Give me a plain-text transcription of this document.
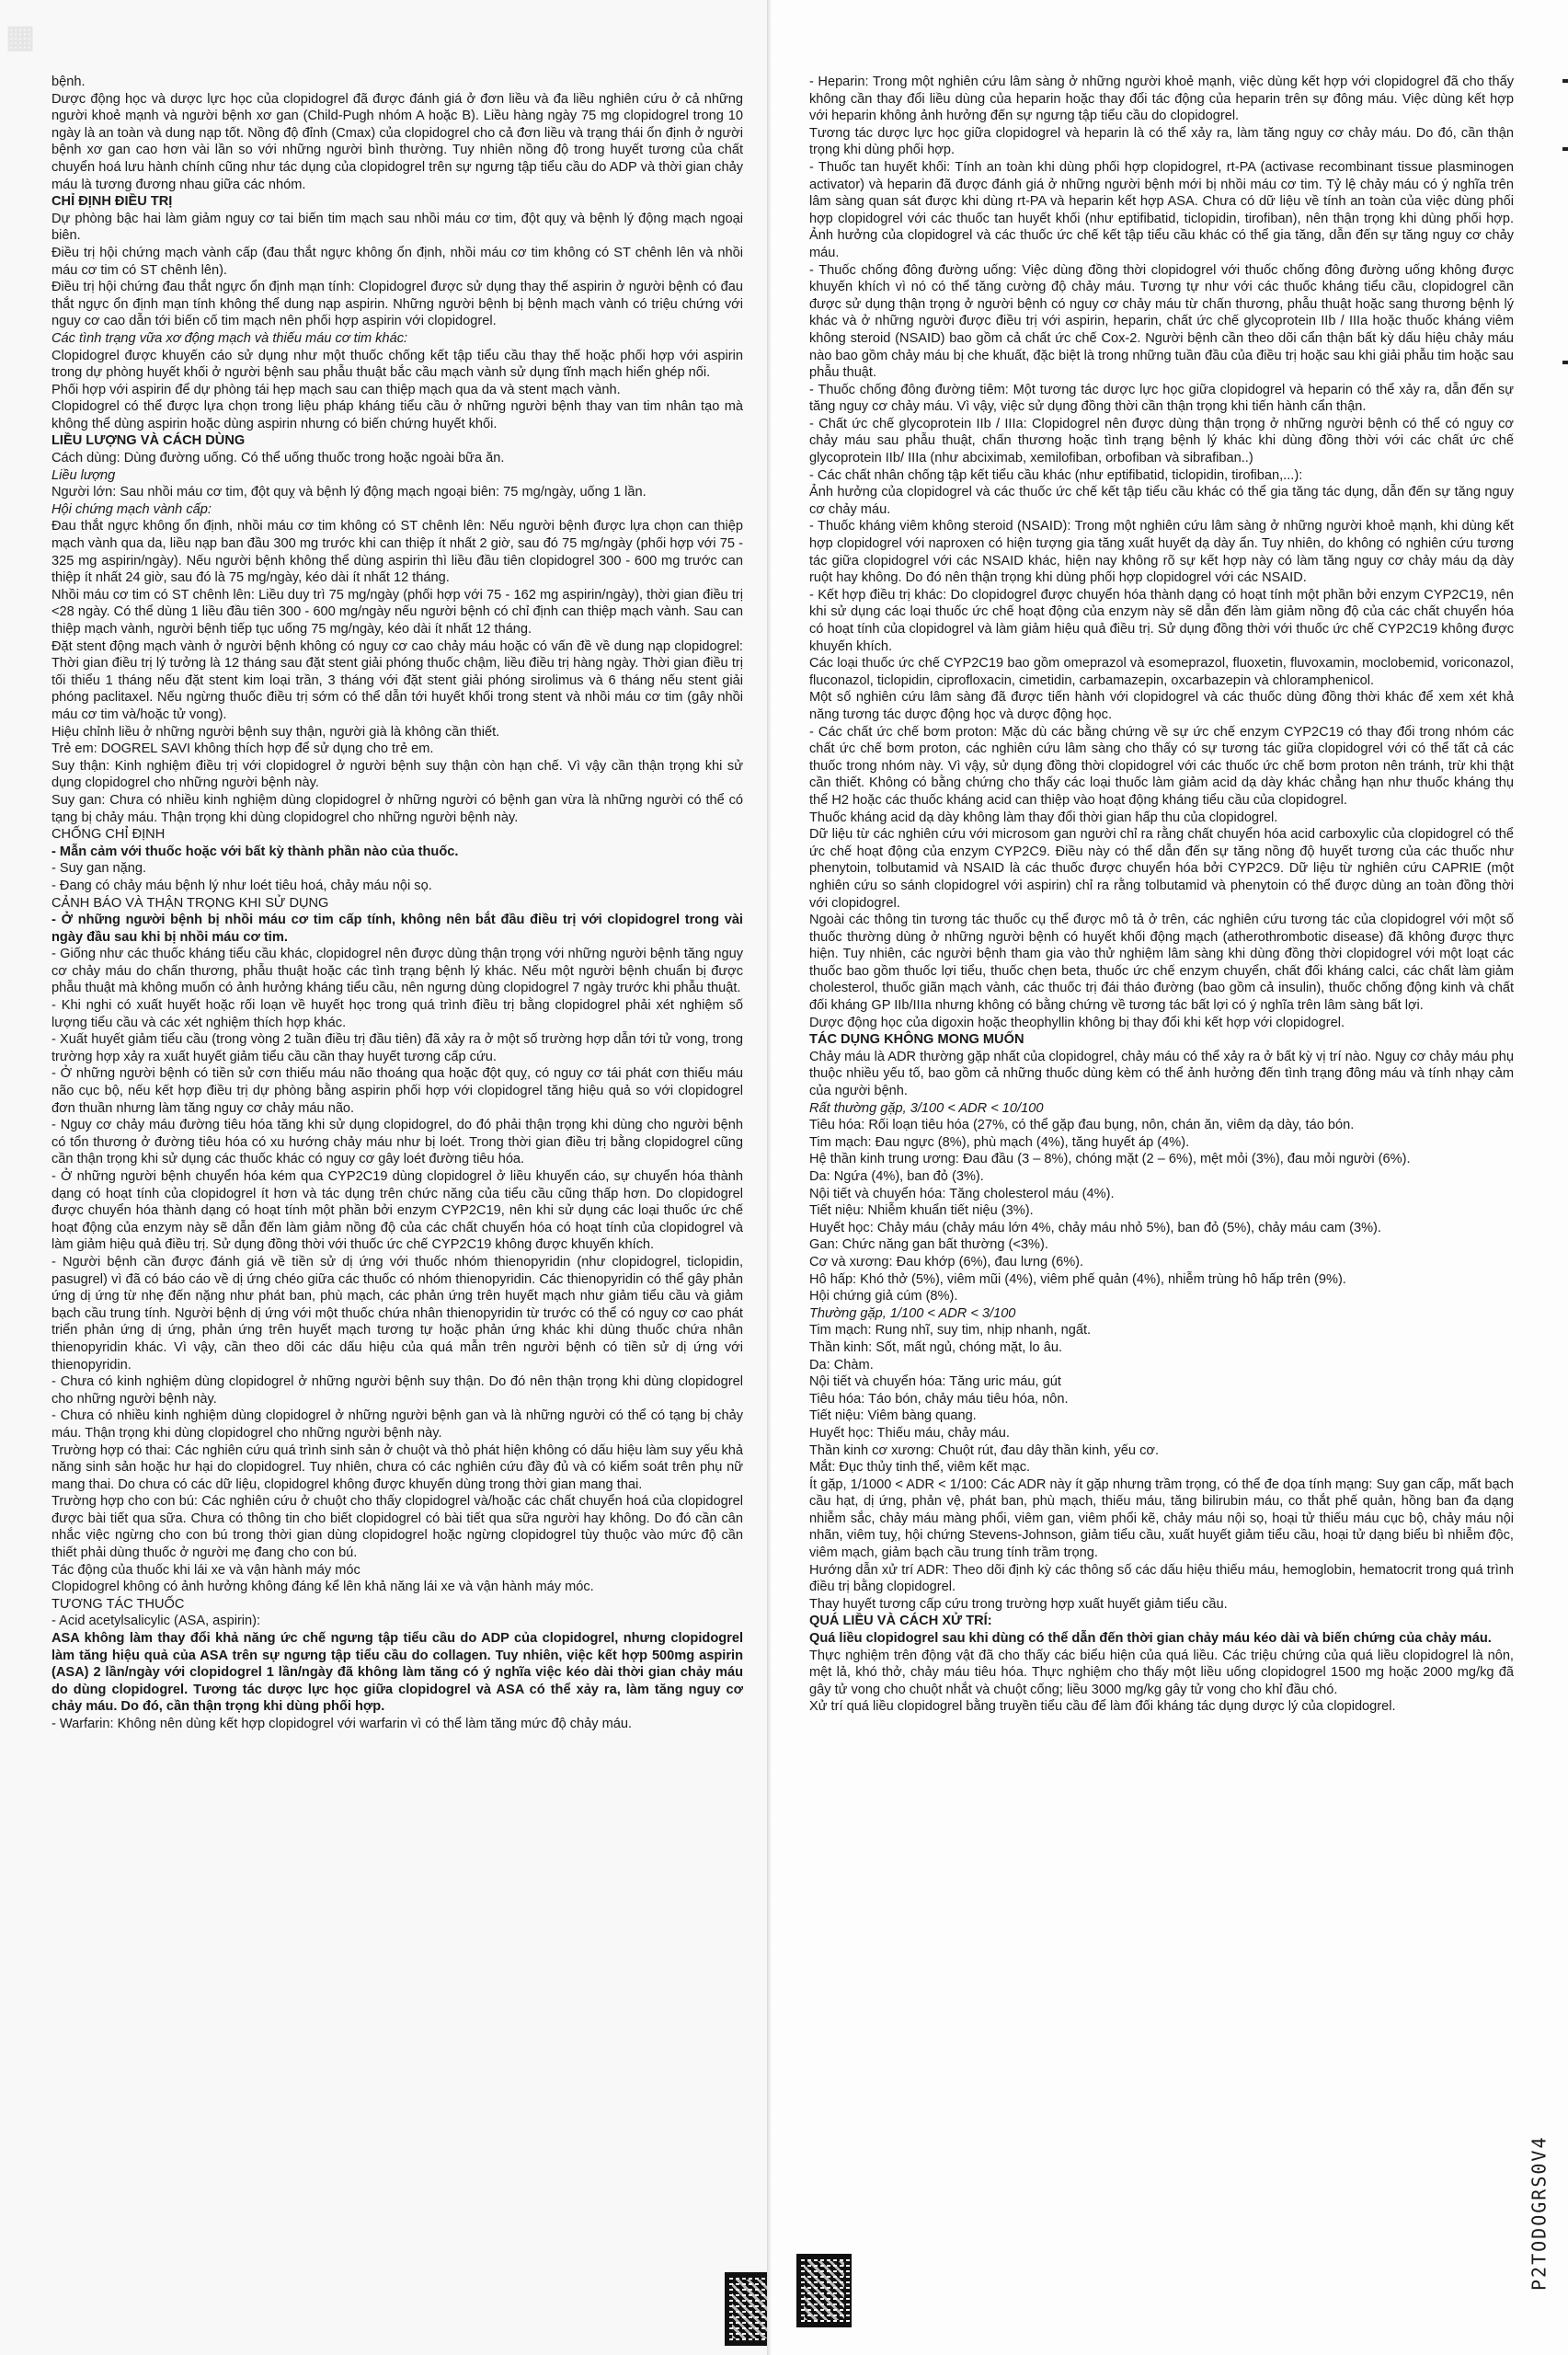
▦

bệnh.

Dược động học và dược lực học của clopidogrel đã được đánh giá ở đơn liều và đa liều nghiên cứu ở cả những người khoẻ mạnh và người bệnh xơ gan (Child-Pugh nhóm A hoặc B). Liều hàng ngày 75 mg clopidogrel trong 10 ngày là an toàn và dung nạp tốt. Nồng độ đỉnh (Cmax) của clopidogrel cho cả đơn liều và trạng thái ổn định ở người bệnh xơ gan cao hơn vài lần so với những người bình thường. Tuy nhiên nồng độ trong huyết tương của chất chuyển hoá lưu hành chính cũng như tác dụng của clopidogrel trên sự ngưng tập tiểu cầu do ADP và thời gian chảy máu là tương đương nhau giữa các nhóm.

CHỈ ĐỊNH ĐIỀU TRỊ

Dự phòng bậc hai làm giảm nguy cơ tai biến tim mạch sau nhồi máu cơ tim, đột quỵ và bệnh lý động mạch ngoại biên.

Điều trị hội chứng mạch vành cấp (đau thắt ngực không ổn định, nhồi máu cơ tim không có ST chênh lên và nhồi máu cơ tim có ST chênh lên).

Điều trị hội chứng đau thắt ngực ổn định mạn tính: Clopidogrel được sử dụng thay thế aspirin ở người bệnh có đau thắt ngực ổn định mạn tính không thể dung nạp aspirin. Những người bệnh bị bệnh mạch vành có triệu chứng với nguy cơ cao dẫn tới biến cố tim mạch nên phối hợp aspirin với clopidogrel.

Các tình trạng vữa xơ động mạch và thiếu máu cơ tim khác:

Clopidogrel được khuyến cáo sử dụng như một thuốc chống kết tập tiểu cầu thay thế hoặc phối hợp với aspirin trong dự phòng huyết khối ở người bệnh sau phẫu thuật bắc cầu mạch vành sử dụng tĩnh mạch hiển ghép nối.

Phối hợp với aspirin để dự phòng tái hẹp mạch sau can thiệp mạch qua da và stent mạch vành.

Clopidogrel có thể được lựa chọn trong liệu pháp kháng tiểu cầu ở những người bệnh thay van tim nhân tạo mà không thể dùng aspirin hoặc dùng aspirin nhưng có biến chứng huyết khối.

LIỀU LƯỢNG VÀ CÁCH DÙNG

Cách dùng: Dùng đường uống. Có thể uống thuốc trong hoặc ngoài bữa ăn.

Liều lượng

Người lớn: Sau nhồi máu cơ tim, đột quỵ và bệnh lý động mạch ngoại biên: 75 mg/ngày, uống 1 lần.

Hội chứng mạch vành cấp:

Đau thắt ngực không ổn định, nhồi máu cơ tim không có ST chênh lên: Nếu người bệnh được lựa chọn can thiệp mạch vành qua da, liều nạp ban đầu 300 mg trước khi can thiệp ít nhất 2 giờ, sau đó 75 mg/ngày (phối hợp với 75 - 325 mg aspirin/ngày). Nếu người bệnh không thể dùng aspirin thì liều đầu tiên clopidogrel 300 - 600 mg trước can thiệp ít nhất 24 giờ, sau đó là 75 mg/ngày, kéo dài ít nhất 12 tháng.

Nhồi máu cơ tim có ST chênh lên: Liều duy trì 75 mg/ngày (phối hợp với 75 - 162 mg aspirin/ngày), thời gian điều trị <28 ngày. Có thể dùng 1 liều đầu tiên 300 - 600 mg/ngày nếu người bệnh có chỉ định can thiệp mạch vành. Sau can thiệp mạch vành, người bệnh tiếp tục uống 75 mg/ngày, kéo dài ít nhất 12 tháng.

Đặt stent động mạch vành ở người bệnh không có nguy cơ cao chảy máu hoặc có vấn đề về dung nạp clopidogrel: Thời gian điều trị lý tưởng là 12 tháng sau đặt stent giải phóng thuốc chậm, liều điều trị hàng ngày. Thời gian điều trị tối thiểu 1 tháng nếu đặt stent kim loại trần, 3 tháng với đặt stent giải phóng sirolimus và 6 tháng nếu stent giải phóng paclitaxel. Nếu ngừng thuốc điều trị sớm có thể dẫn tới huyết khối trong stent và nhồi máu cơ tim (gây nhồi máu cơ tim và/hoặc tử vong).

Hiệu chỉnh liều ở những người bệnh suy thận, người già là không cần thiết.

Trẻ em: DOGREL SAVI không thích hợp để sử dụng cho trẻ em.

Suy thận: Kinh nghiệm điều trị với clopidogrel ở người bệnh suy thận còn hạn chế. Vì vậy cần thận trọng khi sử dụng clopidogrel cho những người bệnh này.

Suy gan: Chưa có nhiều kinh nghiệm dùng clopidogrel ở những người có bệnh gan vừa là những người có thể có tạng bị chảy máu. Thận trọng khi dùng clopidogrel cho những người bệnh này.

CHỐNG CHỈ ĐỊNH

- Mẫn cảm với thuốc hoặc với bất kỳ thành phần nào của thuốc.

- Suy gan nặng.

- Đang có chảy máu bệnh lý như loét tiêu hoá, chảy máu nội sọ.

CẢNH BÁO VÀ THẬN TRỌNG KHI SỬ DỤNG

- Ở những người bệnh bị nhồi máu cơ tim cấp tính, không nên bắt đầu điều trị với clopidogrel trong vài ngày đầu sau khi bị nhồi máu cơ tim.

- Giống như các thuốc kháng tiểu cầu khác, clopidogrel nên được dùng thận trọng với những người bệnh tăng nguy cơ chảy máu do chấn thương, phẫu thuật hoặc các tình trạng bệnh lý khác. Nếu một người bệnh chuẩn bị được phẫu thuật mà không muốn có ảnh hưởng kháng tiểu cầu, nên ngưng dùng clopidogrel 7 ngày trước khi phẫu thuật.

- Khi nghi có xuất huyết hoặc rối loạn về huyết học trong quá trình điều trị bằng clopidogrel phải xét nghiệm số lượng tiểu cầu và các xét nghiệm thích hợp khác.

- Xuất huyết giảm tiểu cầu (trong vòng 2 tuần điều trị đầu tiên) đã xảy ra ở một số trường hợp dẫn tới tử vong, trong trường hợp xảy ra xuất huyết giảm tiểu cầu cần thay huyết tương cấp cứu.

- Ở những người bệnh có tiền sử cơn thiếu máu não thoáng qua hoặc đột quỵ, có nguy cơ tái phát cơn thiếu máu não cục bộ, nếu kết hợp điều trị dự phòng bằng aspirin phối hợp với clopidogrel tăng hiệu quả so với clopidogrel đơn thuần nhưng làm tăng nguy cơ chảy máu não.

- Nguy cơ chảy máu đường tiêu hóa tăng khi sử dụng clopidogrel, do đó phải thận trọng khi dùng cho người bệnh có tổn thương ở đường tiêu hóa có xu hướng chảy máu như bị loét. Trong thời gian điều trị bằng clopidogrel cũng cần thận trọng khi sử dụng các thuốc khác có nguy cơ gây loét đường tiêu hóa.

- Ở những người bệnh chuyển hóa kém qua CYP2C19 dùng clopidogrel ở liều khuyến cáo, sự chuyển hóa thành dạng có hoạt tính của clopidogrel ít hơn và tác dụng trên chức năng của tiểu cầu cũng thấp hơn. Do clopidogrel được chuyển hóa thành dạng có hoạt tính một phần bởi enzym CYP2C19, nên khi sử dụng các loại thuốc ức chế hoạt động của enzym này sẽ dẫn đến làm giảm nồng độ của các chất chuyển hóa có hoạt tính của clopidogrel và làm giảm hiệu quả điều trị. Sử dụng đồng thời với thuốc ức chế CYP2C19 không được khuyến khích.

- Người bệnh cần được đánh giá về tiền sử dị ứng với thuốc nhóm thienopyridin (như clopidogrel, ticlopidin, pasugrel) vì đã có báo cáo về dị ứng chéo giữa các thuốc có nhóm thienopyridin. Các thienopyridin có thể gây phản ứng dị ứng từ nhẹ đến nặng như phát ban, phù mạch, các phản ứng trên huyết mạch như giảm tiểu cầu và giảm bạch cầu trung tính. Người bệnh dị ứng với một thuốc chứa nhân thienopyridin từ trước có thể có nguy cơ cao phát triển phản ứng dị ứng, phản ứng trên huyết mạch tương tự hoặc phản ứng khác khi dùng thuốc chứa nhân thienopyridin khác. Vì vậy, cần theo dõi các dấu hiệu của quá mẫn trên người bệnh có tiền sử dị ứng với thienopyridin.

- Chưa có kinh nghiệm dùng clopidogrel ở những người bệnh suy thận. Do đó nên thận trọng khi dùng clopidogrel cho những người bệnh này.

- Chưa có nhiều kinh nghiệm dùng clopidogrel ở những người bệnh gan và là những người có thể có tạng bị chảy máu. Thận trọng khi dùng clopidogrel cho những người bệnh này.

Trường hợp có thai: Các nghiên cứu quá trình sinh sản ở chuột và thỏ phát hiện không có dấu hiệu làm suy yếu khả năng sinh sản hoặc hư hại do clopidogrel. Tuy nhiên, chưa có các nghiên cứu đầy đủ và có kiểm soát trên phụ nữ mang thai. Do chưa có các dữ liệu, clopidogrel không được khuyến dùng trong thời gian mang thai.

Trường hợp cho con bú: Các nghiên cứu ở chuột cho thấy clopidogrel và/hoặc các chất chuyển hoá của clopidogrel được bài tiết qua sữa. Chưa có thông tin cho biết clopidogrel có bài tiết qua sữa người hay không. Do đó cần cân nhắc việc ngừng cho con bú trong thời gian dùng clopidogrel hoặc ngừng clopidogrel tùy thuộc vào mức độ cần thiết phải dùng thuốc ở người mẹ đang cho con bú.

Tác động của thuốc khi lái xe và vận hành máy móc

Clopidogrel không có ảnh hưởng không đáng kể lên khả năng lái xe và vận hành máy móc.

TƯƠNG TÁC THUỐC

- Acid acetylsalicylic (ASA, aspirin):

ASA không làm thay đổi khả năng ức chế ngưng tập tiểu cầu do ADP của clopidogrel, nhưng clopidogrel làm tăng hiệu quả của ASA trên sự ngưng tập tiểu cầu do collagen. Tuy nhiên, việc kết hợp 500mg aspirin (ASA) 2 lần/ngày với clopidogrel 1 lần/ngày đã không làm tăng có ý nghĩa việc kéo dài thời gian chảy máu do dùng clopidogrel. Tương tác dược lực học giữa clopidogrel và ASA có thể xảy ra, làm tăng nguy cơ chảy máu. Do đó, cần thận trọng khi dùng phối hợp.

- Warfarin: Không nên dùng kết hợp clopidogrel với warfarin vì có thể làm tăng mức độ chảy máu.

- Heparin: Trong một nghiên cứu lâm sàng ở những người khoẻ mạnh, việc dùng kết hợp với clopidogrel đã cho thấy không cần thay đổi liều dùng của heparin hoặc thay đổi tác động của heparin trên sự đông máu. Việc dùng kết hợp với heparin không ảnh hưởng đến sự ngưng tập tiểu cầu do clopidogrel.

Tương tác dược lực học giữa clopidogrel và heparin là có thể xảy ra, làm tăng nguy cơ chảy máu. Do đó, cần thận trọng khi dùng phối hợp.

- Thuốc tan huyết khối: Tính an toàn khi dùng phối hợp clopidogrel, rt-PA (activase recombinant tissue plasminogen activator) và heparin đã được đánh giá ở những người bệnh mới bị nhồi máu cơ tim. Tỷ lệ chảy máu có ý nghĩa trên lâm sàng quan sát được khi dùng rt-PA và heparin kết hợp ASA. Chưa có dữ liệu về tính an toàn của việc dùng phối hợp clopidogrel với các thuốc tan huyết khối (như eptifibatid, ticlopidin, tirofiban), nên thận trọng khi dùng phối hợp. Ảnh hưởng của clopidogrel và các thuốc ức chế kết tập tiểu cầu khác có thể gia tăng, dẫn đến sự tăng nguy cơ chảy máu.

- Thuốc chống đông đường uống: Việc dùng đồng thời clopidogrel với thuốc chống đông đường uống không được khuyến khích vì nó có thể tăng cường độ chảy máu. Tương tự như với các thuốc kháng tiểu cầu, clopidogrel cần được sử dụng thận trọng ở người bệnh có nguy cơ chảy máu từ chấn thương, phẫu thuật hoặc sang thương bệnh lý khác và ở những người được điều trị với aspirin, heparin, chất ức chế glycoprotein IIb / IIIa hoặc thuốc kháng viêm không steroid (NSAID) bao gồm cả chất ức chế Cox-2. Người bệnh cần theo dõi cẩn thận bất kỳ dấu hiệu chảy máu nào bao gồm chảy máu bị che khuất, đặc biệt là trong những tuần đầu của điều trị hoặc sau khi giải phẫu tim hoặc sau phẫu thuật.

- Thuốc chống đông đường tiêm: Một tương tác dược lực học giữa clopidogrel và heparin có thể xảy ra, dẫn đến sự tăng nguy cơ chảy máu. Vì vậy, việc sử dụng đồng thời cần thận trọng khi tiến hành cẩn thận.

- Chất ức chế glycoprotein IIb / IIIa: Clopidogrel nên được dùng thận trọng ở những người bệnh có thể có nguy cơ chảy máu sau phẫu thuật, chấn thương hoặc tình trạng bệnh lý khác khi dùng đồng thời với các chất ức chế glycoprotein IIb/ IIIa (như abciximab, xemilofiban, orbofiban và sibrafiban..)

- Các chất nhân chống tập kết tiểu cầu khác (như eptifibatid, ticlopidin, tirofiban,...):

Ảnh hưởng của clopidogrel và các thuốc ức chế kết tập tiểu cầu khác có thể gia tăng tác dụng, dẫn đến sự tăng nguy cơ chảy máu.

- Thuốc kháng viêm không steroid (NSAID): Trong một nghiên cứu lâm sàng ở những người khoẻ mạnh, khi dùng kết hợp clopidogrel với naproxen có hiện tượng gia tăng xuất huyết dạ dày ẩn. Tuy nhiên, do không có nghiên cứu tương tác giữa clopidogrel với các NSAID khác, hiện nay không rõ sự kết hợp này có làm tăng nguy cơ chảy máu dạ dày ruột hay không. Do đó nên thận trọng khi dùng phối hợp clopidogrel với các NSAID.

- Kết hợp điều trị khác: Do clopidogrel được chuyển hóa thành dạng có hoạt tính một phần bởi enzym CYP2C19, nên khi sử dụng các loại thuốc ức chế hoạt động của enzym này sẽ dẫn đến làm giảm nồng độ của các chất chuyển hóa có hoạt tính của clopidogrel và làm giảm hiệu quả điều trị. Sử dụng đồng thời với thuốc ức chế CYP2C19 không được khuyến khích.

Các loại thuốc ức chế CYP2C19 bao gồm omeprazol và esomeprazol, fluoxetin, fluvoxamin, moclobemid, voriconazol, fluconazol, ticlopidin, ciprofloxacin, cimetidin, carbamazepin, oxcarbazepin và chloramphenicol.

Một số nghiên cứu lâm sàng đã được tiến hành với clopidogrel và các thuốc dùng đồng thời khác để xem xét khả năng tương tác dược động học và dược động học.

- Các chất ức chế bơm proton: Mặc dù các bằng chứng về sự ức chế enzym CYP2C19 có thay đổi trong nhóm các chất ức chế bơm proton, các nghiên cứu lâm sàng cho thấy có sự tương tác giữa clopidogrel với có thể tất cả các thuốc trong nhóm này. Vì vậy, sử dụng đồng thời clopidogrel với các thuốc ức chế bơm proton nên tránh, trừ khi thật cần thiết. Không có bằng chứng cho thấy các loại thuốc làm giảm acid dạ dày khác chẳng hạn như thuốc kháng thụ thể H2 hoặc các thuốc kháng acid can thiệp vào hoạt động kháng tiểu cầu của clopidogrel.

Thuốc kháng acid dạ dày không làm thay đổi thời gian hấp thu của clopidogrel.

Dữ liệu từ các nghiên cứu với microsom gan người chỉ ra rằng chất chuyển hóa acid carboxylic của clopidogrel có thể ức chế hoạt động của enzym CYP2C9. Điều này có thể dẫn đến sự tăng nồng độ huyết tương của các thuốc như phenytoin, tolbutamid và NSAID là các thuốc được chuyển hóa bởi CYP2C9. Dữ liệu từ nghiên cứu CAPRIE (một nghiên cứu so sánh clopidogrel với aspirin) chỉ ra rằng tolbutamid và phenytoin có thể được dùng an toàn đồng thời với clopidogrel.

Ngoài các thông tin tương tác thuốc cụ thể được mô tả ở trên, các nghiên cứu tương tác của clopidogrel với một số thuốc thường dùng ở những người bệnh có huyết khối động mạch (atherothrombotic disease) đã không được thực hiện. Tuy nhiên, các người bệnh tham gia vào thử nghiệm lâm sàng khi dùng đồng thời clopidogrel với một loạt các thuốc bao gồm thuốc lợi tiểu, thuốc chẹn beta, thuốc ức chế enzym chuyển, chất đối kháng calci, các chất làm giảm cholesterol, thuốc giãn mạch vành, các thuốc trị đái tháo đường (bao gồm cả insulin), thuốc chống động kinh và chất đối kháng GP IIb/IIIa nhưng không có bằng chứng về tương tác bất lợi có ý nghĩa trên lâm sàng bất lợi.

Dược động học của digoxin hoặc theophyllin không bị thay đổi khi kết hợp với clopidogrel.

TÁC DỤNG KHÔNG MONG MUỐN

Chảy máu là ADR thường gặp nhất của clopidogrel, chảy máu có thể xảy ra ở bất kỳ vị trí nào. Nguy cơ chảy máu phụ thuộc nhiều yếu tố, bao gồm cả những thuốc dùng kèm có thể ảnh hưởng đến tình trạng đông máu và tính nhạy cảm của người bệnh.

Rất thường gặp, 3/100 < ADR < 10/100

Tiêu hóa: Rối loạn tiêu hóa (27%, có thể gặp đau bụng, nôn, chán ăn, viêm dạ dày, táo bón.

Tim mạch: Đau ngực (8%), phù mạch (4%), tăng huyết áp (4%).

Hệ thần kinh trung ương: Đau đầu (3 – 8%), chóng mặt (2 – 6%), mệt mỏi (3%), đau mỏi người (6%).

Da: Ngứa (4%), ban đỏ (3%).

Nội tiết và chuyển hóa: Tăng cholesterol máu (4%).

Tiết niệu: Nhiễm khuẩn tiết niệu (3%).

Huyết học: Chảy máu (chảy máu lớn 4%, chảy máu nhỏ 5%), ban đỏ (5%), chảy máu cam (3%).

Gan: Chức năng gan bất thường (<3%).

Cơ và xương: Đau khớp (6%), đau lưng (6%).

Hô hấp: Khó thở (5%), viêm mũi (4%), viêm phế quản (4%), nhiễm trùng hô hấp trên (9%).

Hội chứng giả cúm (8%).

Thường gặp, 1/100 < ADR < 3/100

Tim mạch: Rung nhĩ, suy tim, nhịp nhanh, ngất.

Thần kinh: Sốt, mất ngủ, chóng mặt, lo âu.

Da: Chàm.

Nội tiết và chuyển hóa: Tăng uric máu, gút

Tiêu hóa: Táo bón, chảy máu tiêu hóa, nôn.

Tiết niệu: Viêm bàng quang.

Huyết học: Thiếu máu, chảy máu.

Thần kinh cơ xương: Chuột rút, đau dây thần kinh, yếu cơ.

Mắt: Đục thủy tinh thể, viêm kết mạc.

Ít gặp, 1/1000 < ADR < 1/100: Các ADR này ít gặp nhưng trầm trọng, có thể đe dọa tính mạng: Suy gan cấp, mất bạch cầu hạt, dị ứng, phản vệ, phát ban, phù mạch, thiếu máu, tăng bilirubin máu, co thắt phế quản, hồng ban đa dạng nhiễm sắc, chảy máu màng phổi, viêm gan, viêm phổi kẽ, chảy máu nội sọ, hoại tử thiếu máu cục bộ, chảy máu nội nhãn, viêm tuỵ, hội chứng Stevens-Johnson, giảm tiểu cầu, xuất huyết giảm tiểu cầu, hoại tử dạng biểu bì nhiễm độc, viêm mạch, giảm bạch cầu trung tính trầm trọng.

Hướng dẫn xử trí ADR: Theo dõi định kỳ các thông số các dấu hiệu thiếu máu, hemoglobin, hematocrit trong quá trình điều trị bằng clopidogrel.

Thay huyết tương cấp cứu trong trường hợp xuất huyết giảm tiểu cầu.

QUÁ LIỀU VÀ CÁCH XỬ TRÍ:

Quá liều clopidogrel sau khi dùng có thể dẫn đến thời gian chảy máu kéo dài và biến chứng của chảy máu.

Thực nghiệm trên động vật đã cho thấy các biểu hiện của quá liều. Các triệu chứng của quá liều clopidogrel là nôn, mệt lả, khó thở, chảy máu tiêu hóa. Thực nghiệm cho thấy một liều uống clopidogrel 1500 mg hoặc 2000 mg/kg đã gây tử vong cho chuột nhắt và chuột cống; liều 3000 mg/kg gây tử vong cho khỉ đầu chó.

Xử trí quá liều clopidogrel bằng truyền tiểu cầu để làm đối kháng tác dụng dược lý của clopidogrel.

P2TODOGRS0V4
